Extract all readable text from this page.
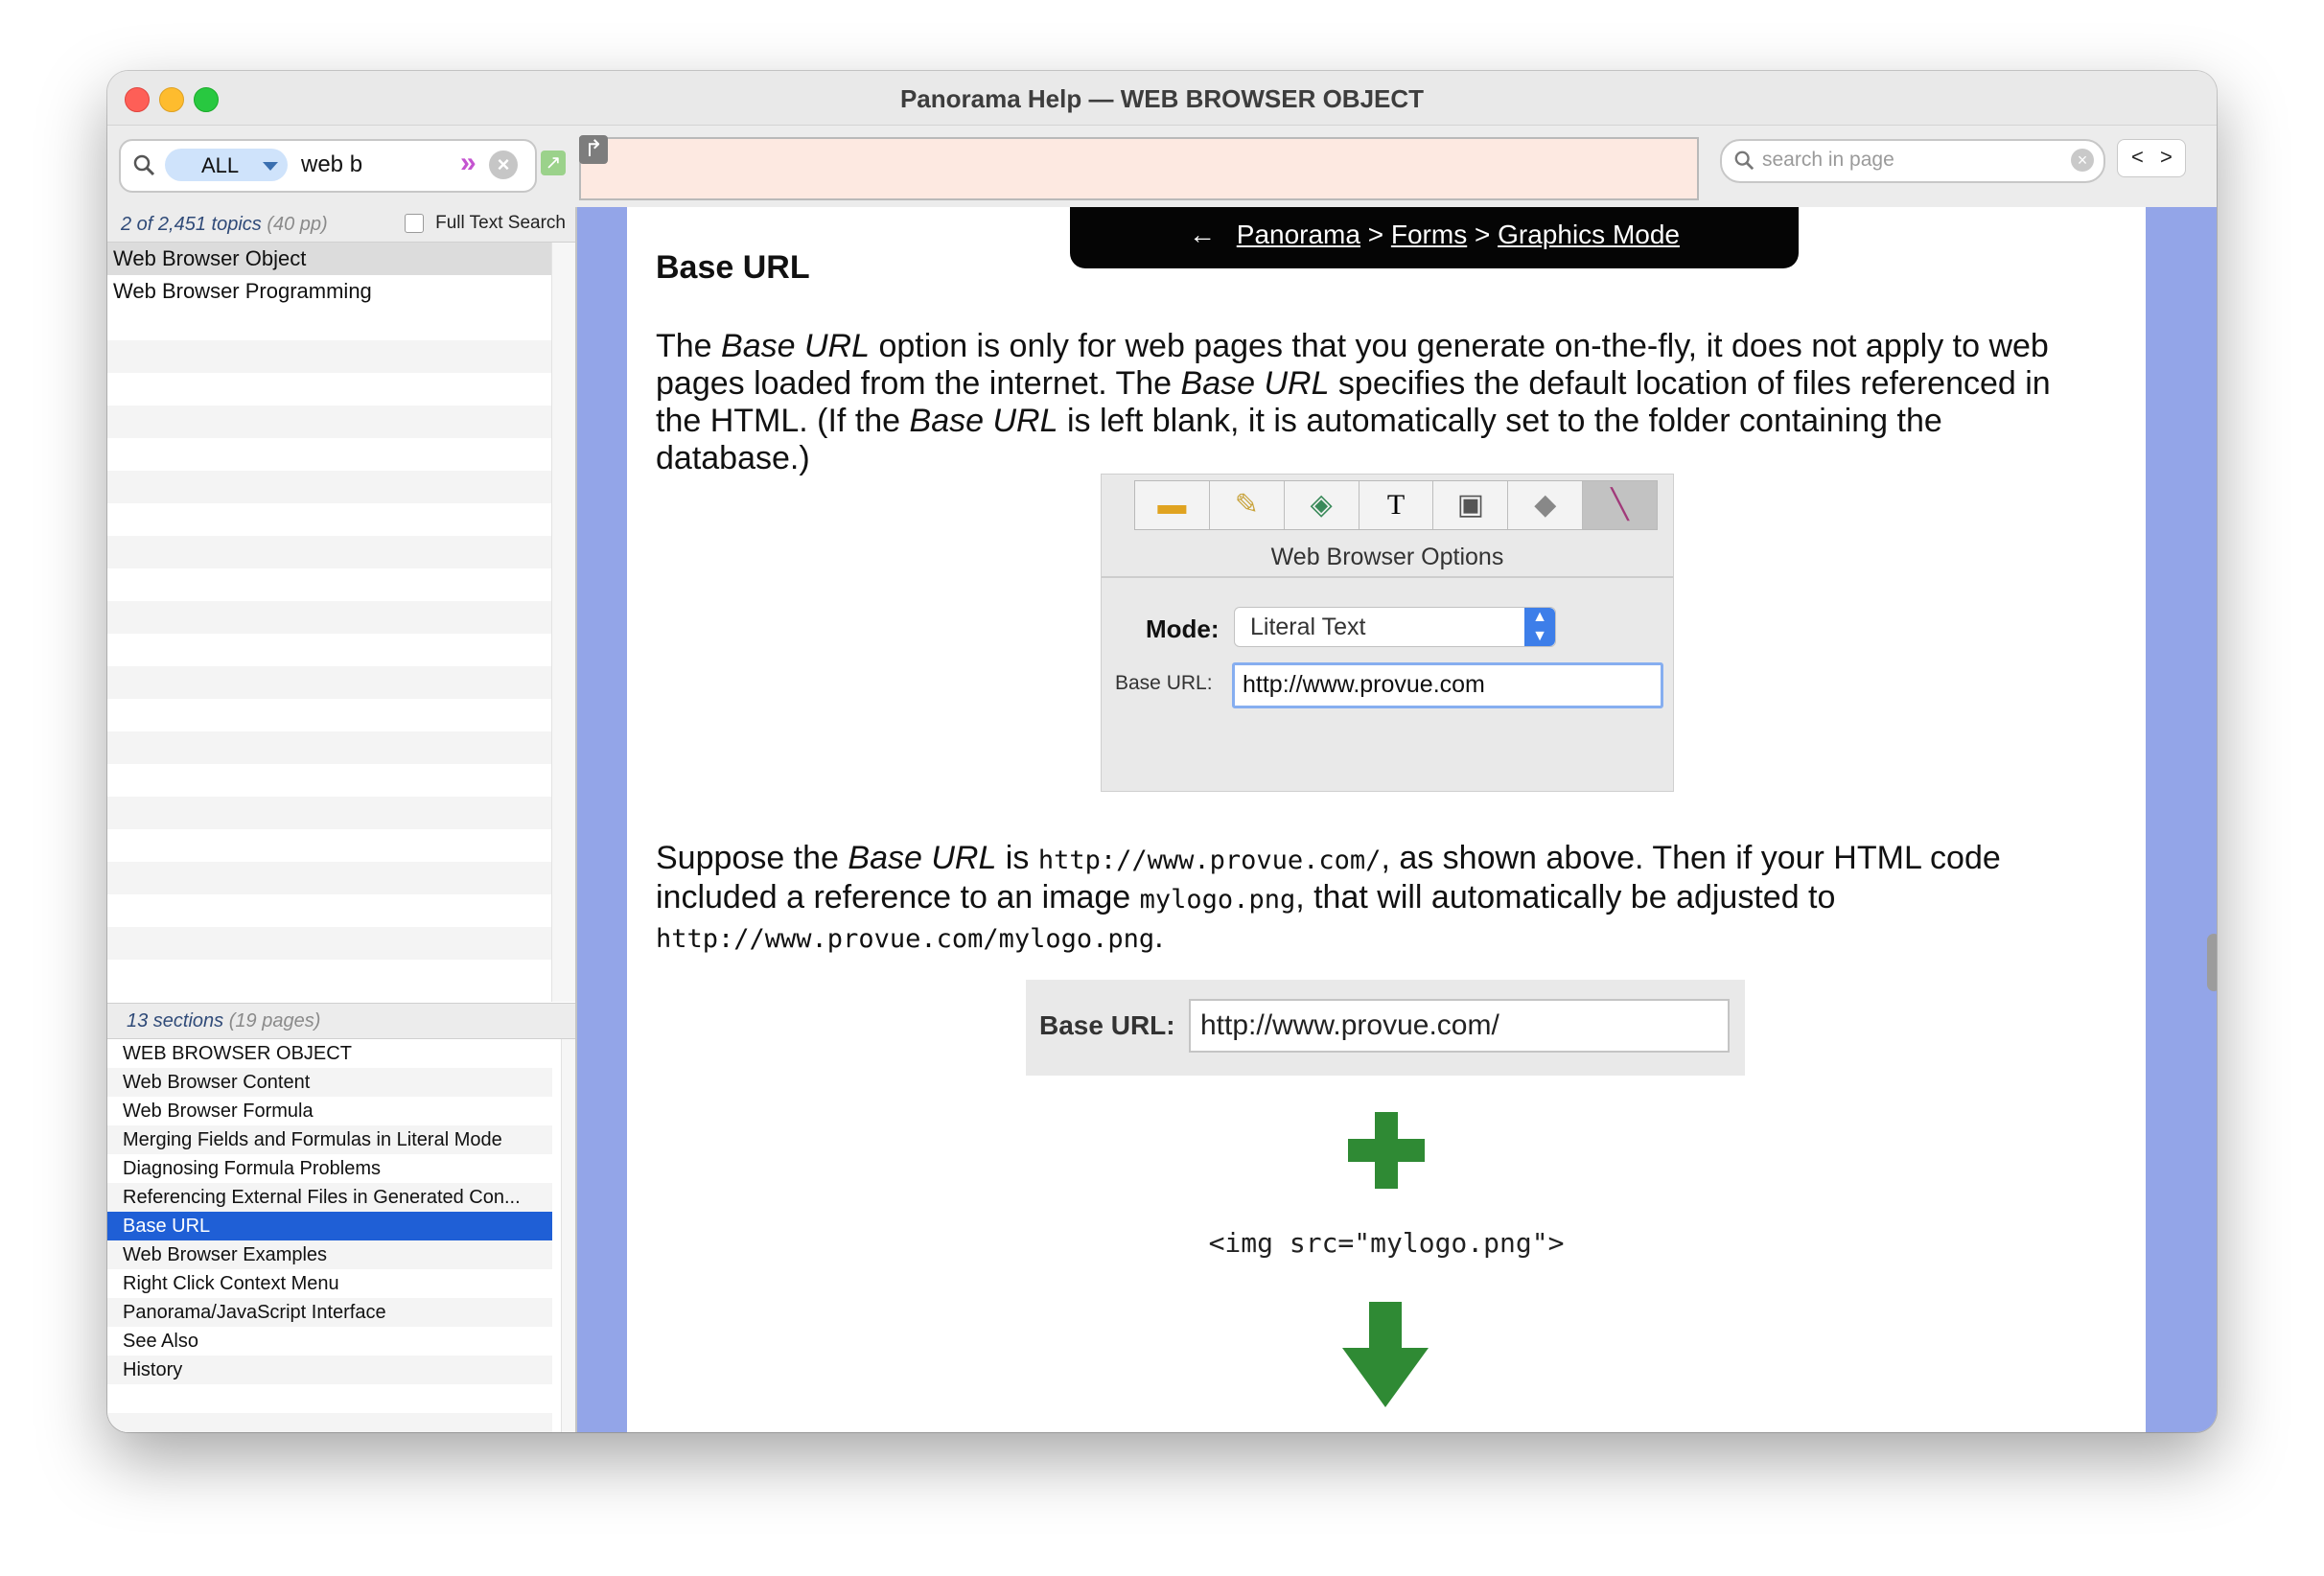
Panorama Help — WEB BROWSER OBJECT
ALL	web b	» ×	↗
↱	search in page	×	< >
2 of 2,451 topics (40 pp)	Full Text Search
Web Browser Object
Web Browser Programming
13 sections (19 pages)
WEB BROWSER OBJECT
Web Browser Content
Web Browser Formula
Merging Fields and Formulas in Literal Mode
Diagnosing Formula Problems
Referencing External Files in Generated Con...
Base URL
Web Browser Examples
Right Click Context Menu
Panorama/JavaScript Interface
See Also
History
← Panorama > Forms > Graphics Mode
Base URL

The Base URL option is only for web pages that you generate on-the-fly, it does not apply to web pages loaded from the internet. The Base URL specifies the default location of files referenced in the HTML. (If the Base URL is left blank, it is automatically set to the folder containing the database.)

▬	✎	◈	T	▣	◆	╲
Web Browser Options
Mode: Literal Text	▲
▼
Base URL: http://www.provue.com

Suppose the Base URL is http://www.provue.com/, as shown above. Then if your HTML code included a reference to an image mylogo.png, that will automatically be adjusted to http://www.provue.com/mylogo.png.

Base URL: http://www.provue.com/
<img src="mylogo.png">
